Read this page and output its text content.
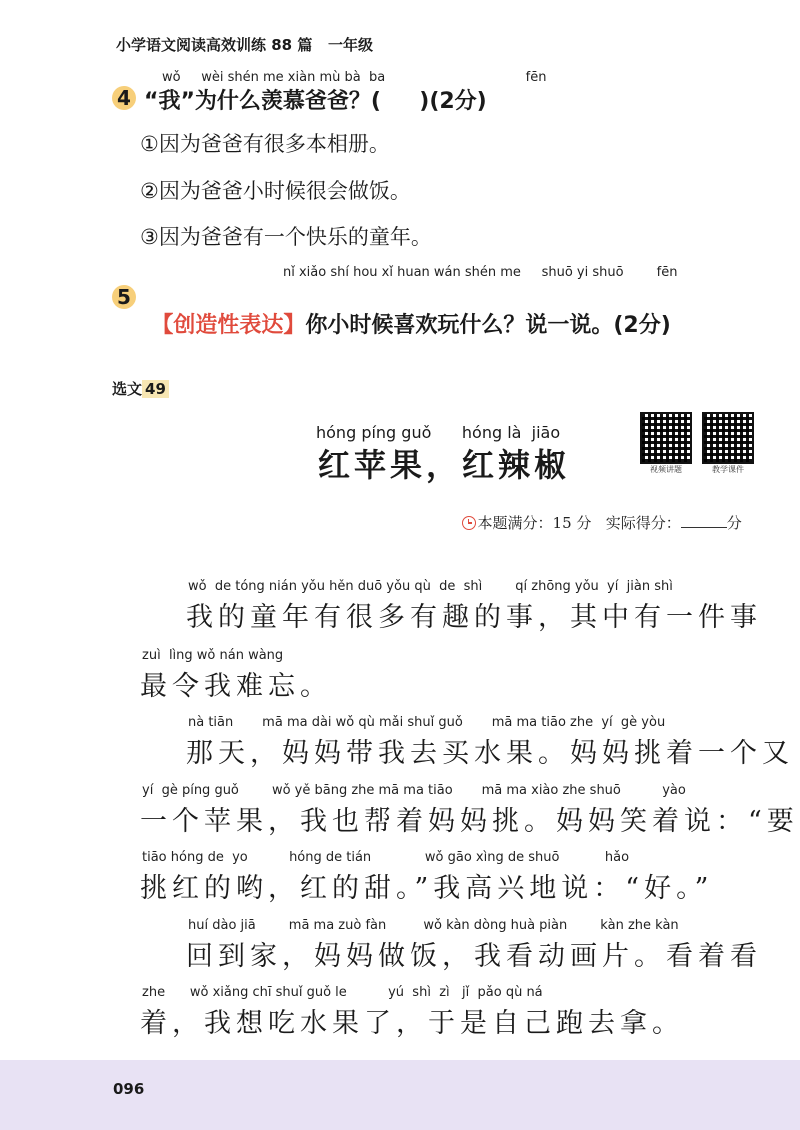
小学语文阅读高效训练 88 篇   一年级
wǒ     wèi shén me xiàn mù bà  ba                                  fēn
4 “我”为什么羡慕爸爸？(     )(2分)
①因为爸爸有很多本相册。
②因为爸爸小时候很会做饭。
③因为爸爸有一个快乐的童年。
nǐ xiǎo shí hou xǐ huan wán shén me     shuō yi shuō        fēn
5

【创造性表达】你小时候喜欢玩什么？说一说。(2分)

选文 49
hóng píng guǒ      hóng là  jiāo
红苹果，红辣椒	视频讲题	教学课件

本题满分：15 分   实际得分：	分

wǒ  de tóng nián yǒu hěn duō yǒu qù  de  shì        qí zhōng yǒu  yí  jiàn shì
我的童年有很多有趣的事，其中有一件事
zuì  lìng wǒ nán wàng
最令我难忘。
nà tiān       mā ma dài wǒ qù mǎi shuǐ guǒ       mā ma tiāo zhe  yí  gè yòu
那天，妈妈带我去买水果。妈妈挑着一个又
yí  gè píng guǒ        wǒ yě bāng zhe mā ma tiāo       mā ma xiào zhe shuō          yào
一个苹果，我也帮着妈妈挑。妈妈笑着说：“要
tiāo hóng de  yo          hóng de tián             wǒ gāo xìng de shuō           hǎo
挑红的哟，红的甜。”我高兴地说：“好。”
huí dào jiā        mā ma zuò fàn         wǒ kàn dòng huà piàn        kàn zhe kàn
回到家，妈妈做饭，我看动画片。看着看
zhe      wǒ xiǎng chī shuǐ guǒ le          yú  shì  zì   jǐ  pǎo qù ná
着，我想吃水果了，于是自己跑去拿。
096
